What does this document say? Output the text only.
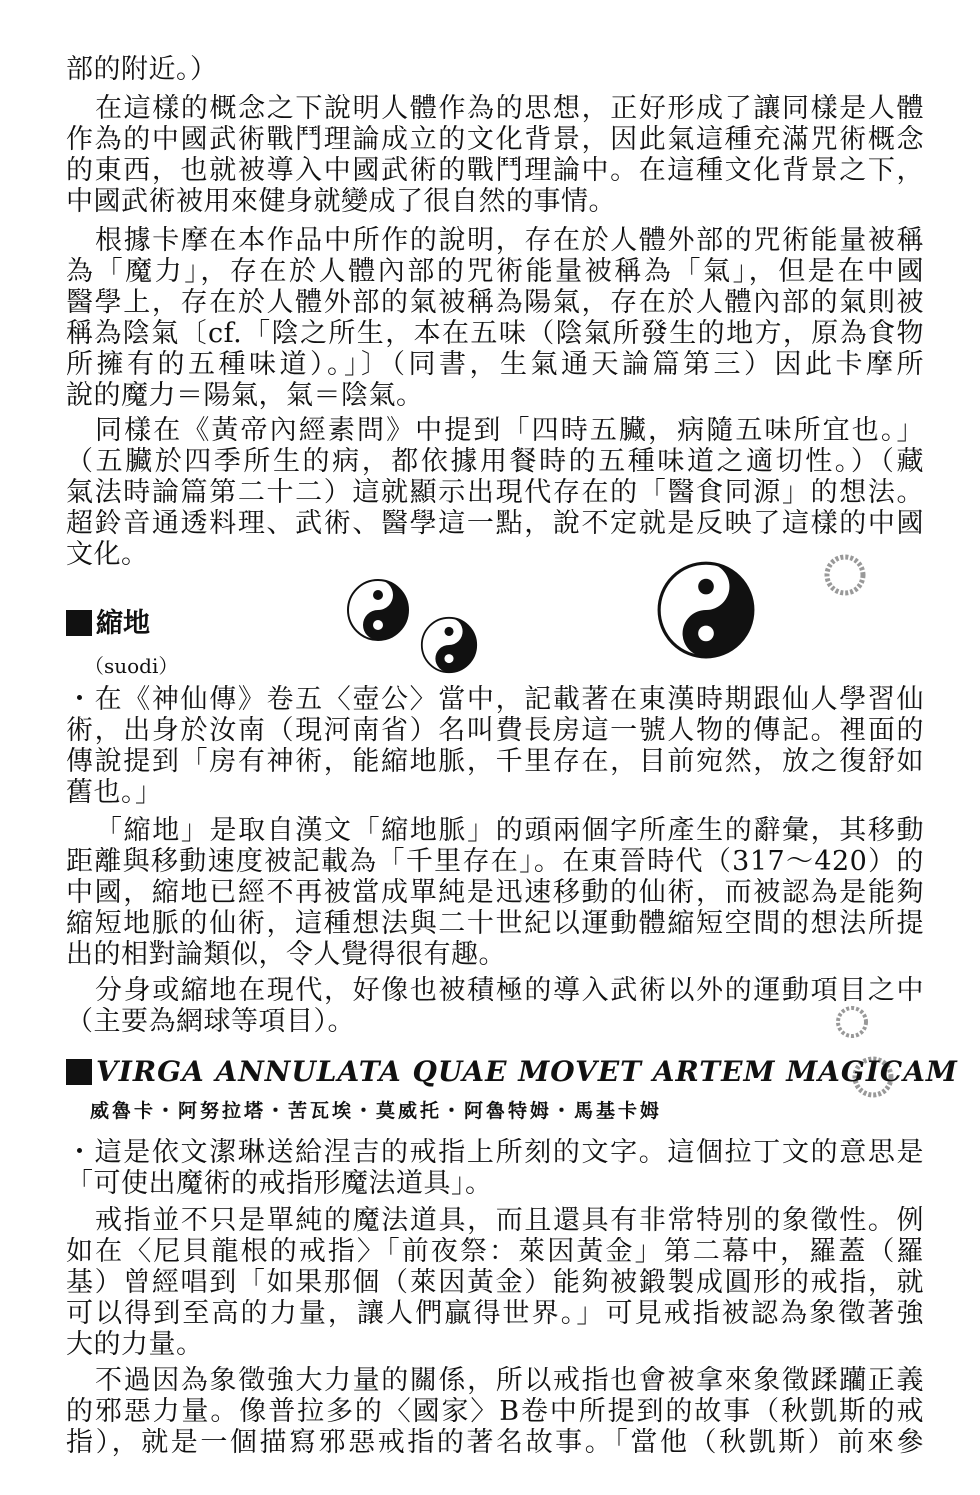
部的附近。）
在這樣的概念之下說明人體作為的思想，正好形成了讓同樣是人體
作為的中國武術戰鬥理論成立的文化背景，因此氣這種充滿咒術概念
的東西，也就被導入中國武術的戰鬥理論中。在這種文化背景之下，
中國武術被用來健身就變成了很自然的事情。
根據卡摩在本作品中所作的說明，存在於人體外部的咒術能量被稱
為「魔力」，存在於人體內部的咒術能量被稱為「氣」，但是在中國
醫學上，存在於人體外部的氣被稱為陽氣，存在於人體內部的氣則被
稱為陰氣〔cf.「陰之所生，本在五味（陰氣所發生的地方，原為食物
所擁有的五種味道）。」〕（同書，生氣通天論篇第三）因此卡摩所
說的魔力＝陽氣，氣＝陰氣。
同樣在《黃帝內經素問》中提到「四時五臟，病隨五味所宜也。」
（五臟於四季所生的病，都依據用餐時的五種味道之適切性。）（藏
氣法時論篇第二十二）這就顯示出現代存在的「醫食同源」的想法。
超鈴音通透料理、武術、醫學這一點，說不定就是反映了這樣的中國
文化。
縮地
（suodi）
・在《神仙傳》卷五〈壺公〉當中，記載著在東漢時期跟仙人學習仙
術，出身於汝南（現河南省）名叫費長房這一號人物的傳記。裡面的
傳說提到「房有神術，能縮地脈，千里存在，目前宛然，放之復舒如
舊也。」
「縮地」是取自漢文「縮地脈」的頭兩個字所產生的辭彙，其移動
距離與移動速度被記載為「千里存在」。在東晉時代（317～420）的
中國，縮地已經不再被當成單純是迅速移動的仙術，而被認為是能夠
縮短地脈的仙術，這種想法與二十世紀以運動體縮短空間的想法所提
出的相對論類似，令人覺得很有趣。
分身或縮地在現代，好像也被積極的導入武術以外的運動項目之中
（主要為網球等項目）。
VIRGA ANNULATA QUAE MOVET ARTEM MAGICAM
威魯卡・阿努拉塔・苦瓦埃・莫威托・阿魯特姆・馬基卡姆
・這是依文潔琳送給涅吉的戒指上所刻的文字。這個拉丁文的意思是
「可使出魔術的戒指形魔法道具」。
戒指並不只是單純的魔法道具，而且還具有非常特別的象徵性。例
如在〈尼貝龍根的戒指〉「前夜祭：萊因黃金」第二幕中，羅蓋（羅
基）曾經唱到「如果那個（萊因黃金）能夠被鍛製成圓形的戒指，就
可以得到至高的力量，讓人們贏得世界。」可見戒指被認為象徵著強
大的力量。
不過因為象徵強大力量的關係，所以戒指也會被拿來象徵蹂躪正義
的邪惡力量。像普拉多的〈國家〉B卷中所提到的故事（秋凱斯的戒
指），就是一個描寫邪惡戒指的著名故事。「當他（秋凱斯）前來參
